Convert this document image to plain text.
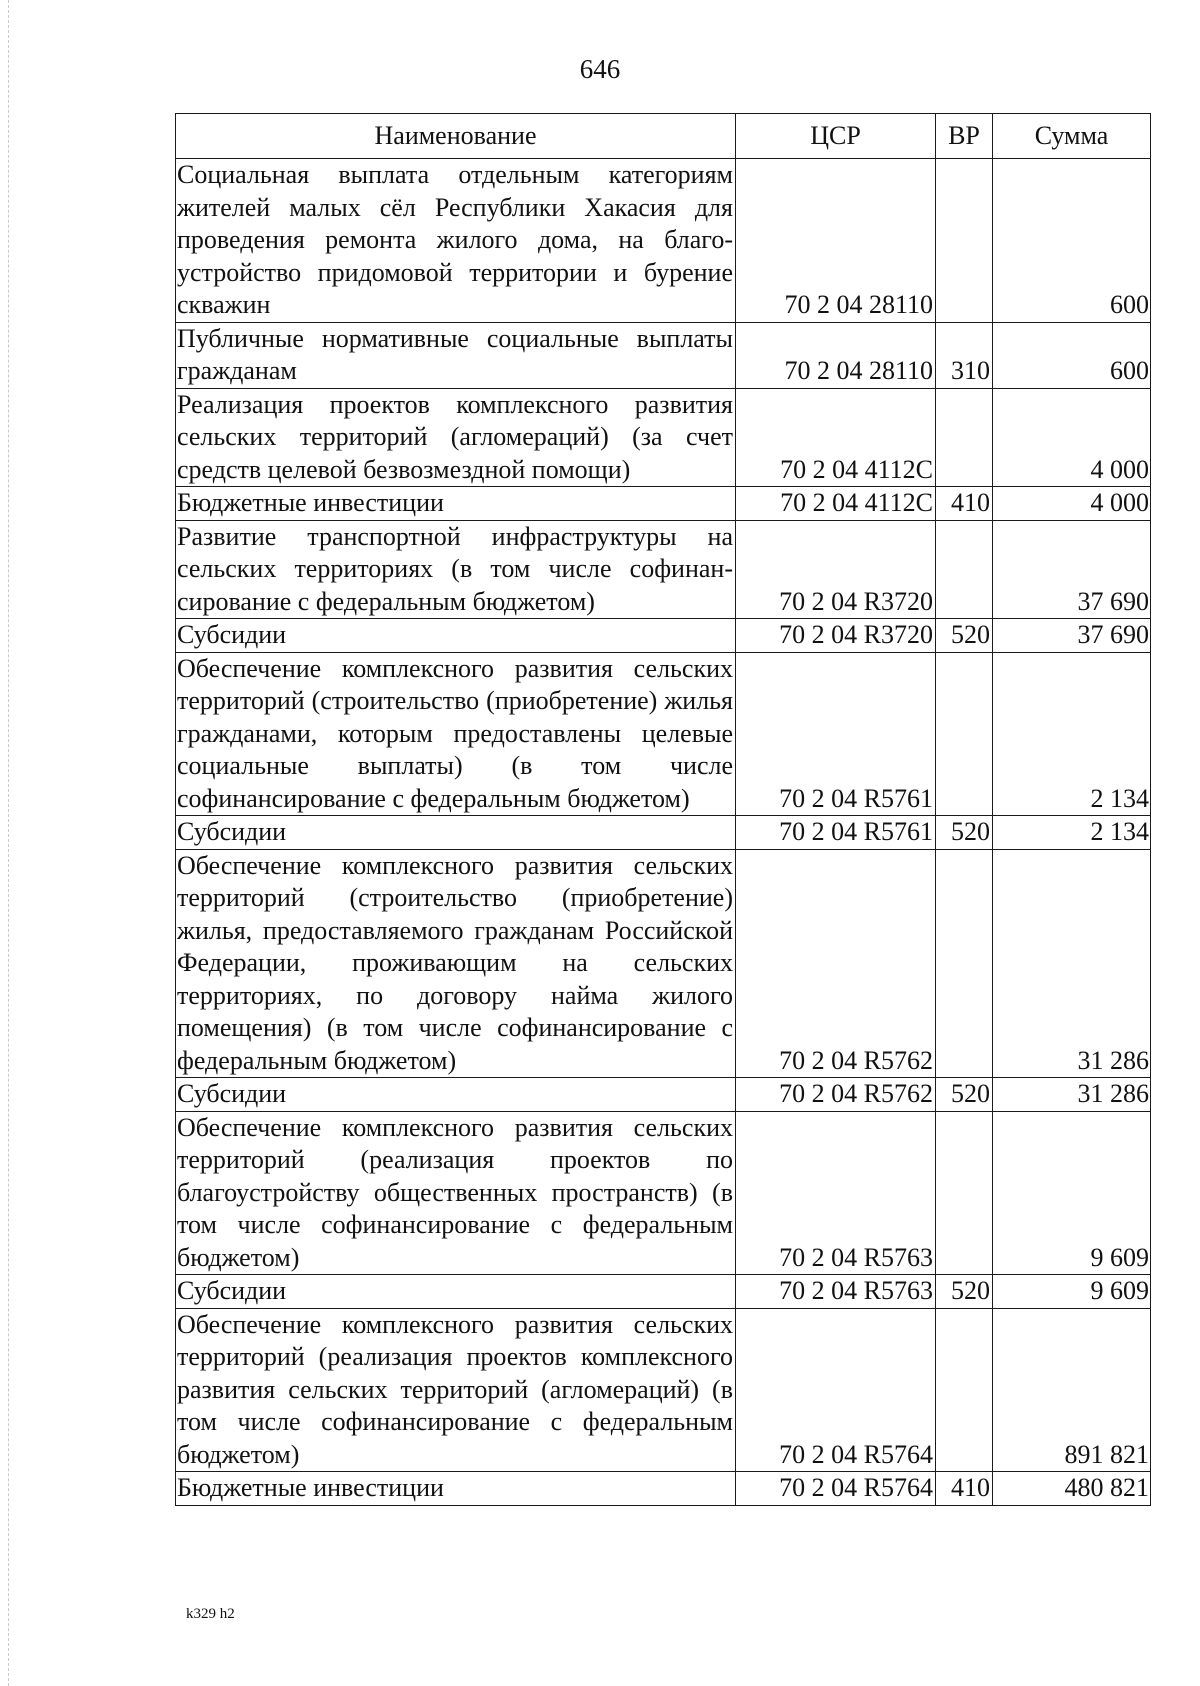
646
Наименование	ЦСР	ВР	Сумма
Социальная выплата отдельным категориям жителей малых сёл Республики Хакасия для проведения ремонта жилого дома, на благоустройство придомовой территории и бурение скважин	70 2 04 28110		600
Публичные нормативные социальные выплаты гражданам	70 2 04 28110	310	600
Реализация проектов комплексного развития сельских территорий (агломераций) (за счет средств целевой безвозмездной помощи)	70 2 04 4112С		4 000
Бюджетные инвестиции	70 2 04 4112С	410	4 000
Развитие транспортной инфраструктуры на сельских территориях (в том числе софинансирование с федеральным бюджетом)	70 2 04 R3720		37 690
Субсидии	70 2 04 R3720	520	37 690
Обеспечение комплексного развития сельских территорий (строительство (приобретение) жилья гражданами, которым предоставлены целевые социальные выплаты) (в том числе софинансирование с федеральным бюджетом)	70 2 04 R5761		2 134
Субсидии	70 2 04 R5761	520	2 134
Обеспечение комплексного развития сельских территорий (строительство (приобретение) жилья, предоставляемого гражданам Российской Федерации, проживающим на сельских территориях, по договору найма жилого помещения) (в том числе софинансирование с федеральным бюджетом)	70 2 04 R5762		31 286
Субсидии	70 2 04 R5762	520	31 286
Обеспечение комплексного развития сельских территорий (реализация проектов по благоустройству общественных пространств) (в том числе софинансирование с федеральным бюджетом)	70 2 04 R5763		9 609
Субсидии	70 2 04 R5763	520	9 609
Обеспечение комплексного развития сельских территорий (реализация проектов комплексного развития сельских территорий (агломераций) (в том числе софинансирование с федеральным бюджетом)	70 2 04 R5764		891 821
Бюджетные инвестиции	70 2 04 R5764	410	480 821
k329 h2
